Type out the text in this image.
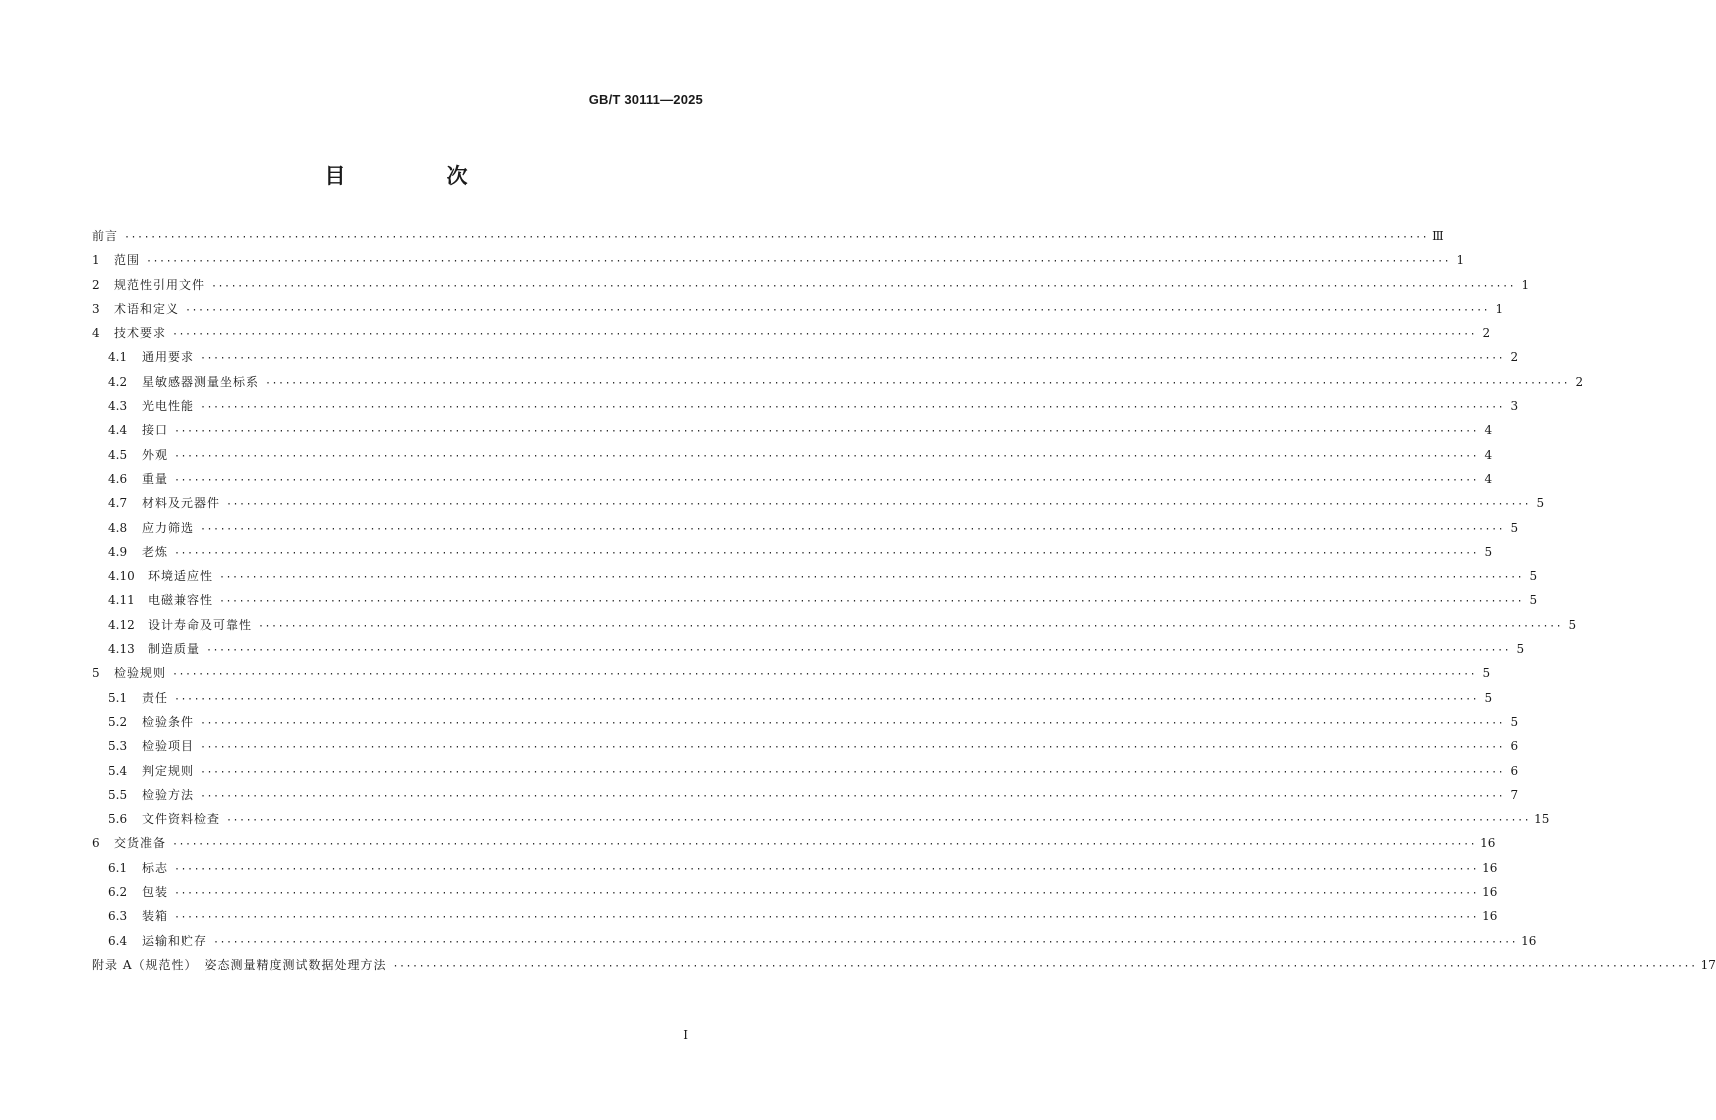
GB/T 30111—2025
目　次
前言 ········································································································································································································ Ⅲ
1	范围 ········································································································································································································ 1
2	规范性引用文件 ········································································································································································································ 1
3	术语和定义 ········································································································································································································ 1
4	技术要求 ········································································································································································································ 2
4.1	通用要求 ········································································································································································································ 2
4.2	星敏感器测量坐标系 ········································································································································································································ 2
4.3	光电性能 ········································································································································································································ 3
4.4	接口 ········································································································································································································ 4
4.5	外观 ········································································································································································································ 4
4.6	重量 ········································································································································································································ 4
4.7	材料及元器件 ········································································································································································································ 5
4.8	应力筛选 ········································································································································································································ 5
4.9	老炼 ········································································································································································································ 5
4.10	环境适应性 ········································································································································································································ 5
4.11	电磁兼容性 ········································································································································································································ 5
4.12	设计寿命及可靠性 ········································································································································································································ 5
4.13	制造质量 ········································································································································································································ 5
5	检验规则 ········································································································································································································ 5
5.1	责任 ········································································································································································································ 5
5.2	检验条件 ········································································································································································································ 5
5.3	检验项目 ········································································································································································································ 6
5.4	判定规则 ········································································································································································································ 6
5.5	检验方法 ········································································································································································································ 7
5.6	文件资料检查 ········································································································································································································ 15
6	交货准备 ········································································································································································································ 16
6.1	标志 ········································································································································································································ 16
6.2	包装 ········································································································································································································ 16
6.3	装箱 ········································································································································································································ 16
6.4	运输和贮存 ········································································································································································································ 16
附录 A（规范性）　姿态测量精度测试数据处理方法 ········································································································································································································ 17
I
